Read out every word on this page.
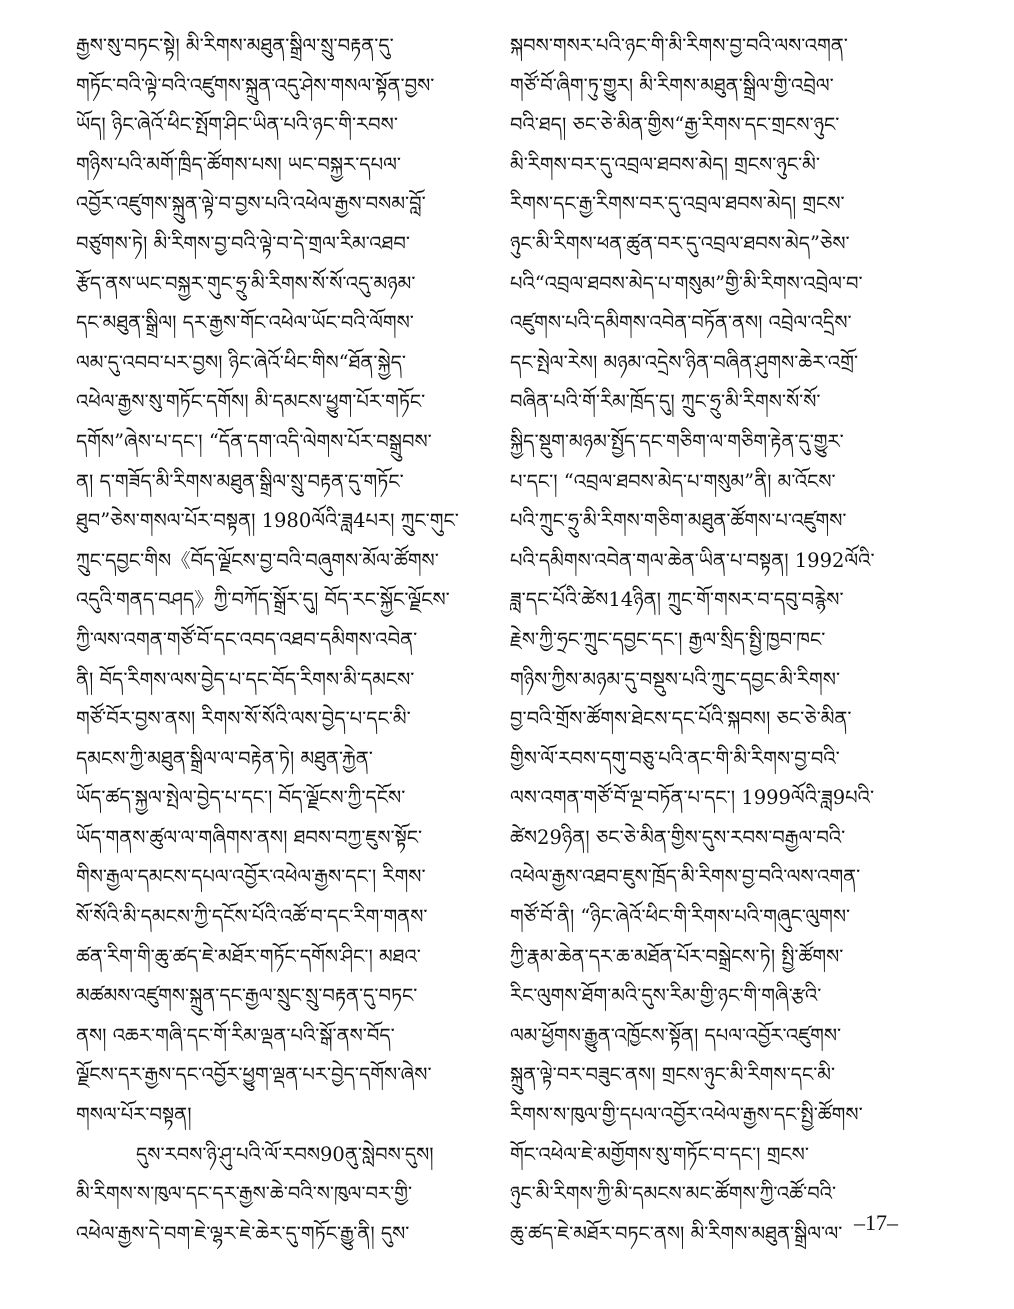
རྒྱས་སུ་བཏང་སྟེ། མི་རིགས་མཐུན་སྒྲིལ་སྲུ་བརྟན་དུ་
གཏོང་བའི་ལྟེ་བའི་འཛུགས་སྐྲུན་འདུ་ཤེས་གསལ་སྟོན་བྱས་
ཡོད། ཉིང་ཞེའོ་ཕིང་སྤོག་ཤིང་ཡིན་པའི་ཉང་གི་རབས་
གཉིས་པའི་མགོ་ཁྲིད་ཚོགས་པས། ཡང་བསྐྱར་དཔལ་
འབྱོར་འཛུགས་སྐྲུན་ལྟེ་བ་བྱས་པའི་འཕེལ་རྒྱས་བསམ་བློ་
བཙུགས་ཏེ། མི་རིགས་བྱ་བའི་ལྟེ་བ་དེ་གྲལ་རིམ་འཐབ་
རྩོད་ནས་ཡང་བསྐྱར་གུང་ཧྲུ་མི་རིགས་སོ་སོ་འདུ་མཉམ་
དང་མཐུན་སྒྲིལ། དར་རྒྱས་གོང་འཕེལ་ཡོང་བའི་ལོགས་
ལམ་དུ་འབབ་པར་བྱས། ཉིང་ཞེའོ་ཕིང་གིས“ཐོན་སྐྱེད་
འཕེལ་རྒྱས་སུ་གཏོང་དགོས། མི་དམངས་ཕྱུག་པོར་གཏོང་
དགོས”ཞེས་པ་དང་། “དོན་དག་འདི་ལེགས་པོར་བསྒྲུབས་
ན། ད་གཟོད་མི་རིགས་མཐུན་སྒྲིལ་སྲུ་བརྟན་དུ་གཏོང་
ཐུབ”ཅེས་གསལ་པོར་བསྟན། 1980ལོའི་ཟླ4པར། ཀྲུང་གུང་
ཀྲུང་དབྱང་གིས《བོད་ལྗོངས་བྱ་བའི་བཞུགས་མོལ་ཚོགས་
འདུའི་གནད་བཤད》ཀྱི་བཀོད་སྒྲོར་དུ། བོད་རང་སྐྱོང་ལྗོངས་
ཀྱི་ལས་འགན་གཙོ་བོ་དང་འབད་འཐབ་དམིགས་འབེན་
ནི། བོད་རིགས་ལས་བྱེད་པ་དང་བོད་རིགས་མི་དམངས་
གཙོ་བོར་བྱས་ནས། རིགས་སོ་སོའི་ལས་བྱེད་པ་དང་མི་
དམངས་ཀྱི་མཐུན་སྒྲིལ་ལ་བརྟེན་ཏེ། མཐུན་རྐྱེན་
ཡོད་ཚད་སྐྱལ་སྤེལ་བྱེད་པ་དང་། བོད་ལྗོངས་ཀྱི་དངོས་
ཡོད་གནས་ཚུལ་ལ་གཞིགས་ནས། ཐབས་བཀྱ་ཇུས་སྟོང་
གིས་རྒྱལ་དམངས་དཔལ་འབྱོར་འཕེལ་རྒྱས་དང་། རིགས་
སོ་སོའི་མི་དམངས་ཀྱི་དངོས་པོའི་འཚོ་བ་དང་རིག་གནས་
ཚན་རིག་གི་ཆུ་ཚད་ཇེ་མཐོར་གཏོང་དགོས་ཤིང་། མཐའ་
མཚམས་འཛུགས་སྐྲུན་དང་རྒྱལ་སྲུང་སྲུ་བརྟན་དུ་བཏང་
ནས། འཆར་གཞི་དང་གོ་རིམ་ལྡན་པའི་སྒོ་ནས་བོད་
ལྗོངས་དར་རྒྱས་དང་འབྱོར་ཕྱུག་ལྡན་པར་བྱེད་དགོས་ཞེས་
གསལ་པོར་བསྟན།
དུས་རབས་ཉི་ཤུ་པའི་ལོ་རབས90ནུ་སླེབས་དུས།
མི་རིགས་ས་ཁུལ་དང་དར་རྒྱས་ཆེ་བའི་ས་ཁུལ་བར་གྱི་
འཕེལ་རྒྱས་དེ་བག་ཇེ་ལྷར་ཇེ་ཆེར་དུ་གཏོང་རྒྱུ་ནི། དུས་
སྐབས་གསར་པའི་ཉང་གི་མི་རིགས་བྱ་བའི་ལས་འགན་
གཙོ་བོ་ཞིག་ཏུ་གྱུར། མི་རིགས་མཐུན་སྒྲིལ་གྱི་འབྲེལ་
བའི་ཐད། ཅང་ཅེ་མིན་གྱིས“རྒྱ་རིགས་དང་གྲངས་ཉུང་
མི་རིགས་བར་དུ་འབྲལ་ཐབས་མེད། གྲངས་ཉུང་མི་
རིགས་དང་རྒྱ་རིགས་བར་དུ་འབྲལ་ཐབས་མེད། གྲངས་
ཉུང་མི་རིགས་ཕན་ཚུན་བར་དུ་འབྲལ་ཐབས་མེད”ཅེས་
པའི“འབྲལ་ཐབས་མེད་པ་གསུམ”གྱི་མི་རིགས་འབྲེལ་བ་
འཛུགས་པའི་དམིགས་འབེན་བཏོན་ནས། འབྲེལ་འདྲིས་
དང་སྤེལ་རེས། མཉམ་འདྲེས་ཉིན་བཞིན་ཤུགས་ཆེར་འགྲོ་
བཞིན་པའི་གོ་རིམ་ཁྲོད་དུ། ཀྲུང་ཧྲུ་མི་རིགས་སོ་སོ་
སྐྱིད་སྡུག་མཉམ་སྤྱོད་དང་གཅིག་ལ་གཅིག་རྟེན་དུ་གྱུར་
པ་དང་། “འབྲལ་ཐབས་མེད་པ་གསུམ”ནི། མ་འོངས་
པའི་ཀྲུང་ཧྲུ་མི་རིགས་གཅིག་མཐུན་ཚོགས་པ་འཛུགས་
པའི་དམིགས་འབེན་གལ་ཆེན་ཡིན་པ་བསྟན། 1992ལོའི་
ཟླ་དང་པོའི་ཚེས14ཉིན། ཀྲུང་གོ་གསར་བ་དབུ་བརྙེས་
རྗེས་ཀྱི་ཧྲང་ཀྲུང་དབྱང་དང་། རྒྱལ་སྲིད་སྤྱི་ཁྱབ་ཁང་
གཉིས་ཀྱིས་མཉམ་དུ་བསྡུས་པའི་ཀྲུང་དབྱང་མི་རིགས་
བྱ་བའི་གྲོས་ཚོགས་ཐེངས་དང་པོའི་སྐབས། ཅང་ཅེ་མིན་
གྱིས་ལོ་རབས་དགུ་བཅུ་པའི་ནང་གི་མི་རིགས་བྱ་བའི་
ལས་འགན་གཙོ་བོ་ལྔ་བཏོན་པ་དང་། 1999ལོའི་ཟླ9པའི་
ཚེས29ཉིན། ཅང་ཅེ་མིན་གྱིས་དུས་རབས་བརྒྱལ་བའི་
འཕེལ་རྒྱས་འཐབ་ཇུས་ཁྲོད་མི་རིགས་བྱ་བའི་ལས་འགན་
གཙོ་བོ་ནི། “ཉིང་ཞེའོ་ཕིང་གི་རིགས་པའི་གཞུང་ལུགས་
ཀྱི་རྣམ་ཆེན་དར་ཆ་མཐོན་པོར་བསྒྲེངས་ཏེ། སྤྱི་ཚོགས་
རིང་ལུགས་ཐོག་མའི་དུས་རིམ་གྱི་ཉང་གི་གཞི་རྩའི་
ལམ་ཕྱོགས་རྒྱུན་འཁྱོངས་སྟོན། དཔལ་འབྱོར་འཛུགས་
སྐྲུན་ལྟེ་བར་བཟུང་ནས། གྲངས་ཉུང་མི་རིགས་དང་མི་
རིགས་ས་ཁུལ་གྱི་དཔལ་འབྱོར་འཕེལ་རྒྱས་དང་སྤྱི་ཚོགས་
གོང་འཕེལ་ཇེ་མགྱོགས་སུ་གཏོང་བ་དང་། གྲངས་
ཉུང་མི་རིགས་ཀྱི་མི་དམངས་མང་ཚོགས་ཀྱི་འཚོ་བའི་
ཆུ་ཚད་ཇེ་མཐོར་བཏང་ནས། མི་རིགས་མཐུན་སྒྲིལ་ལ་ –17–
